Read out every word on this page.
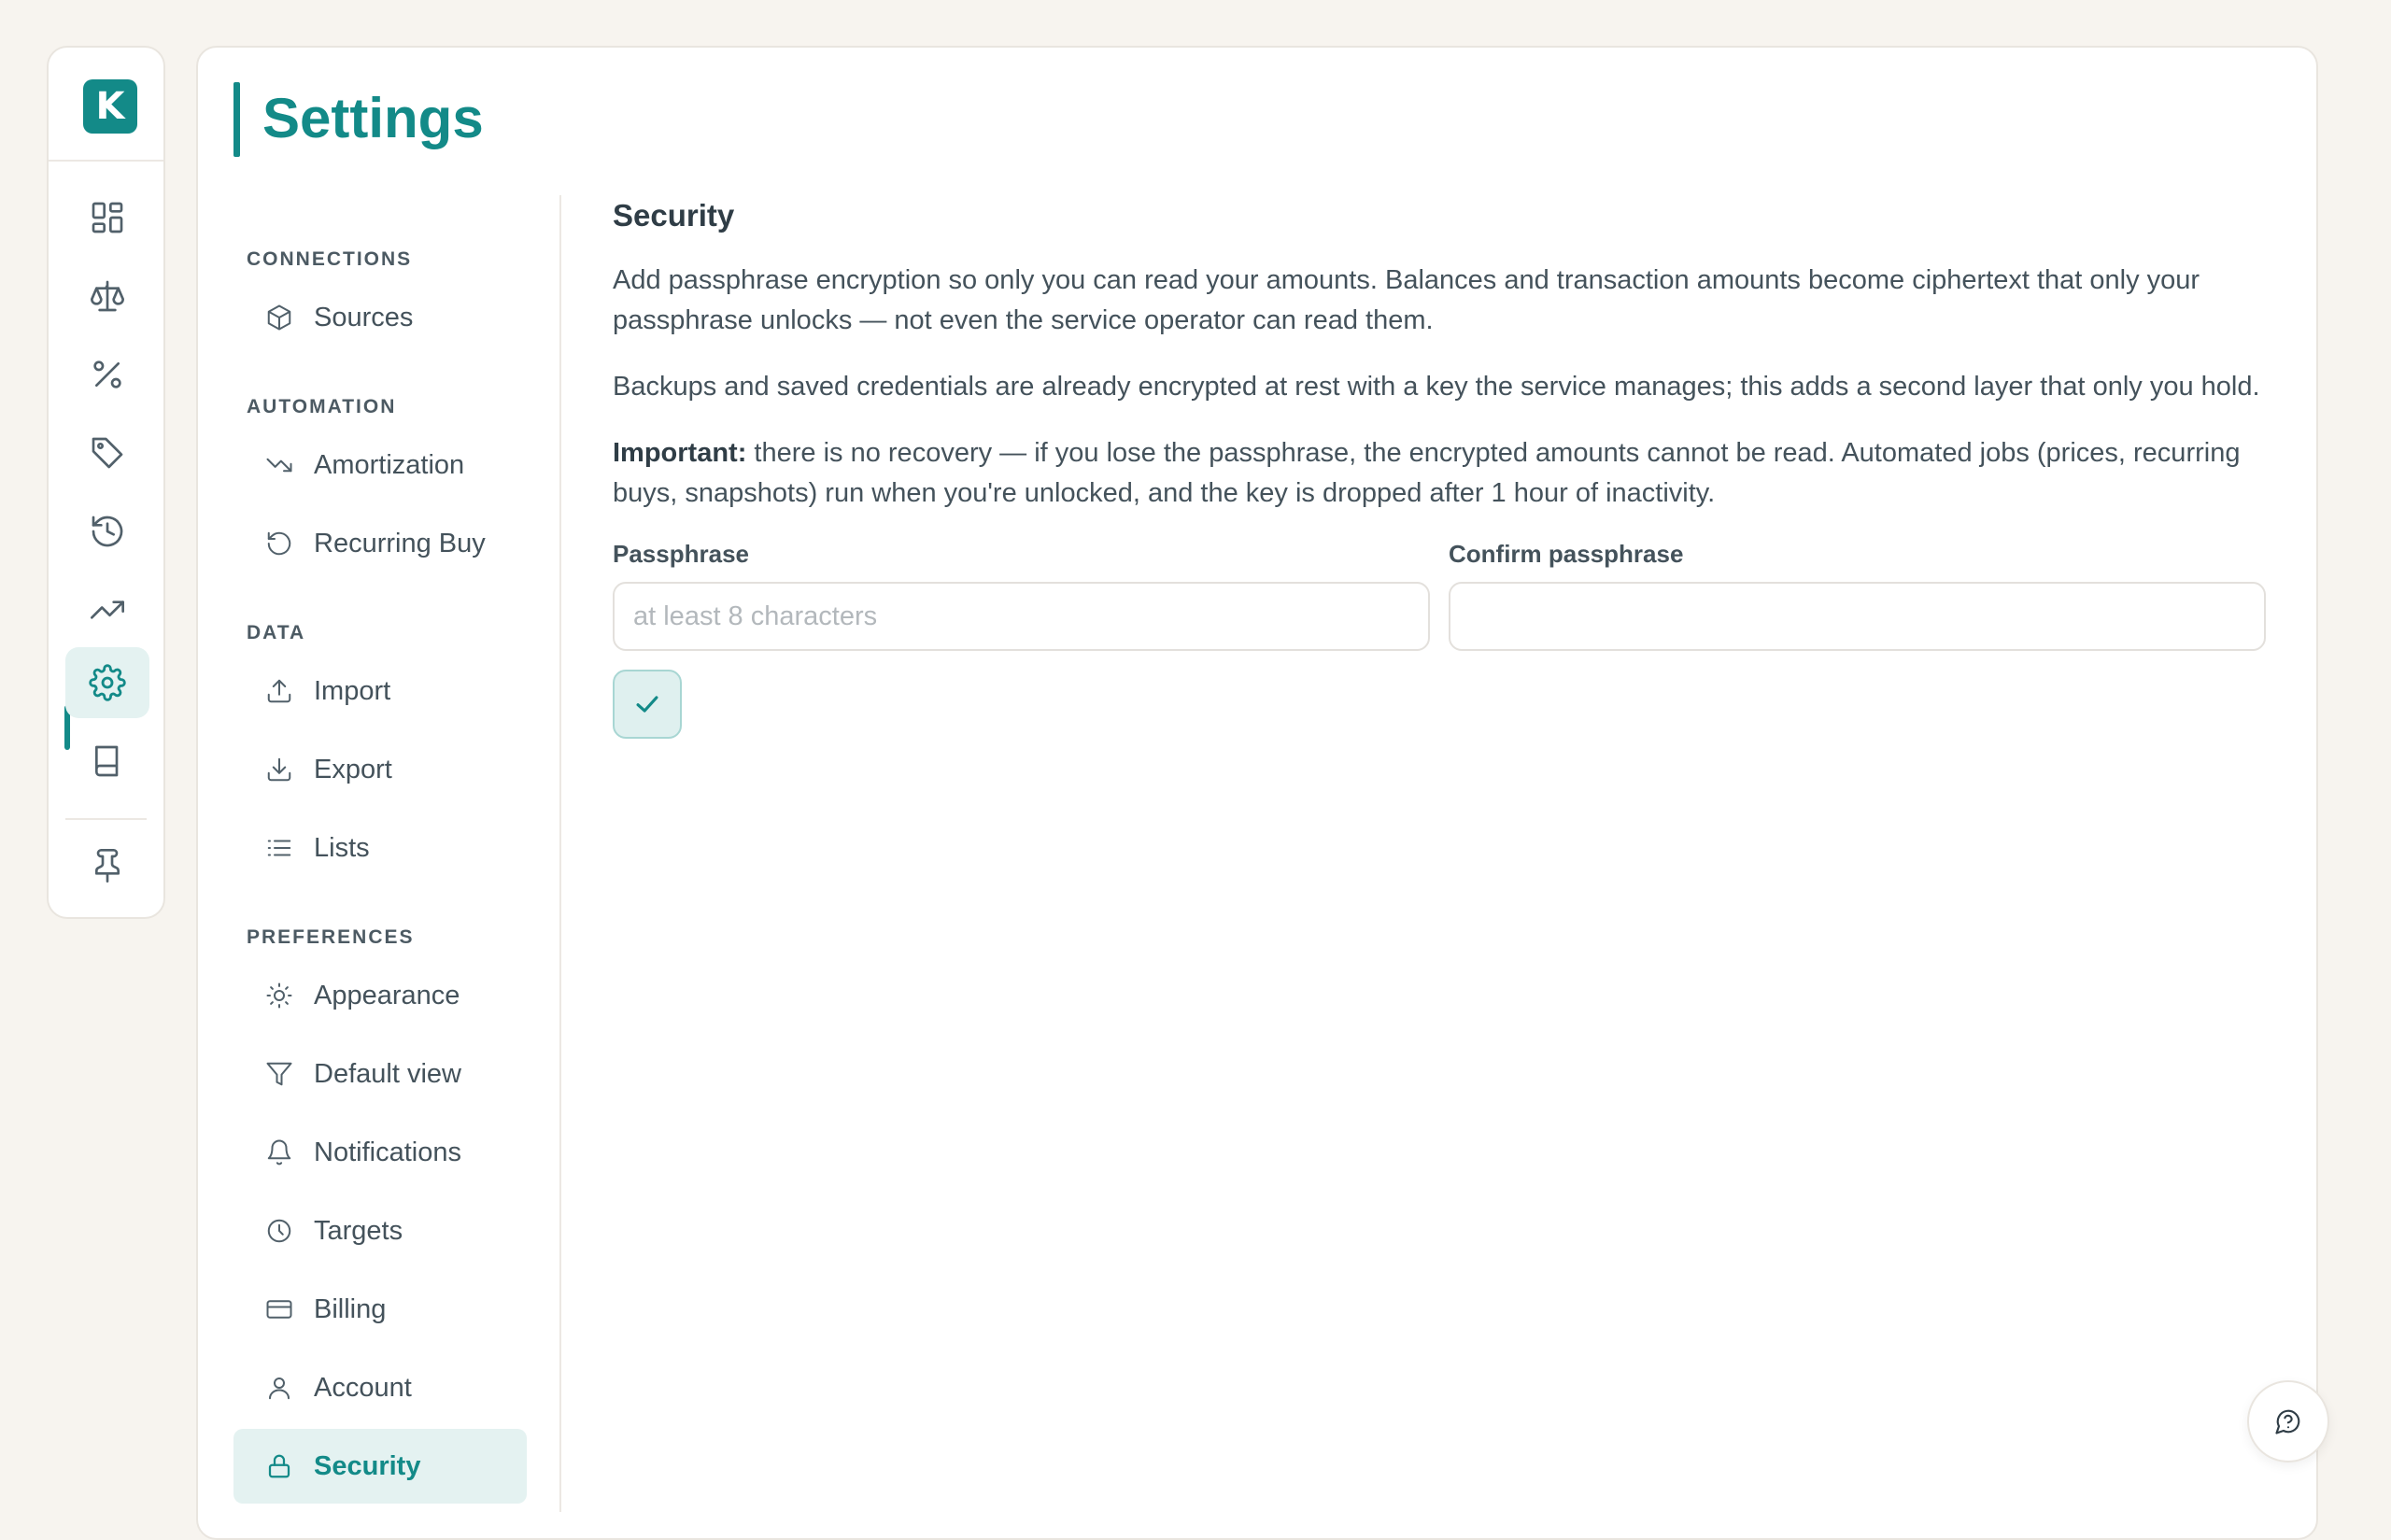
K Settings
CONNECTIONS
Sources
AUTOMATION
Amortization
Recurring Buy
DATA
Import
Export
Lists
PREFERENCES
Appearance
Default view
Notifications
Targets
Billing
Account
Security
Security

Add passphrase encryption so only you can read your amounts. Balances and transaction amounts become ciphertext that only your passphrase unlocks — not even the service operator can read them.

Backups and saved credentials are already encrypted at rest with a key the service manages; this adds a second layer that only you hold.

Important: there is no recovery — if you lose the passphrase, the encrypted amounts cannot be read. Automated jobs (prices, recurring buys, snapshots) run when you're unlocked, and the key is dropped after 1 hour of inactivity.

Passphrase	Confirm passphrase
